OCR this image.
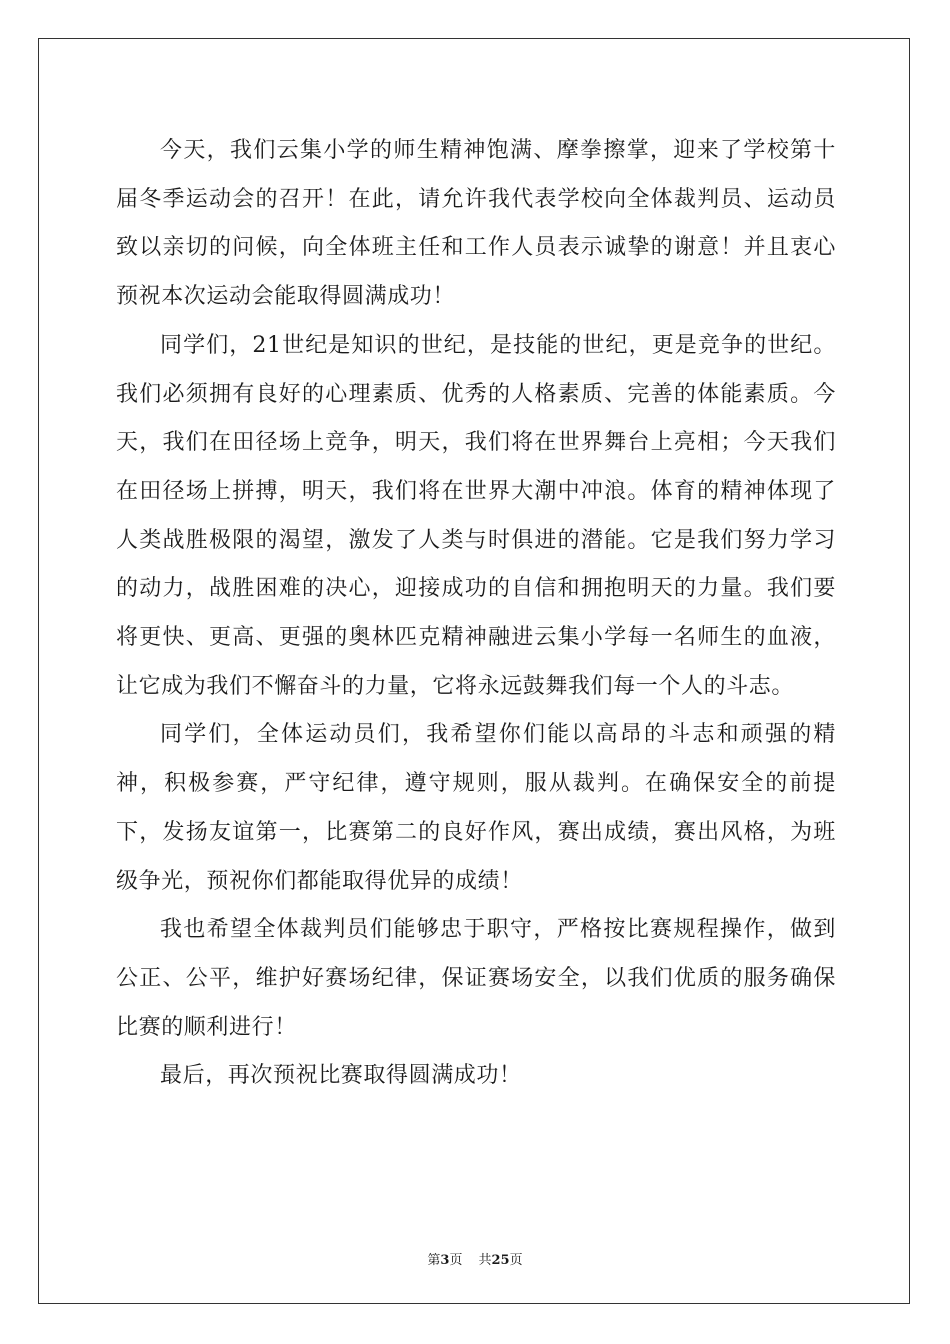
今天，我们云集小学的师生精神饱满、摩拳擦掌，迎来了学校第十届冬季运动会的召开！在此，请允许我代表学校向全体裁判员、运动员致以亲切的问候，向全体班主任和工作人员表示诚挚的谢意！并且衷心预祝本次运动会能取得圆满成功！

同学们，21世纪是知识的世纪，是技能的世纪，更是竞争的世纪。我们必须拥有良好的心理素质、优秀的人格素质、完善的体能素质。今天，我们在田径场上竞争，明天，我们将在世界舞台上亮相；今天我们在田径场上拼搏，明天，我们将在世界大潮中冲浪。体育的精神体现了人类战胜极限的渴望，激发了人类与时俱进的潜能。它是我们努力学习的动力，战胜困难的决心，迎接成功的自信和拥抱明天的力量。我们要将更快、更高、更强的奥林匹克精神融进云集小学每一名师生的血液，让它成为我们不懈奋斗的力量，它将永远鼓舞我们每一个人的斗志。

同学们，全体运动员们，我希望你们能以高昂的斗志和顽强的精神，积极参赛，严守纪律，遵守规则，服从裁判。在确保安全的前提下，发扬友谊第一，比赛第二的良好作风，赛出成绩，赛出风格，为班级争光，预祝你们都能取得优异的成绩！

我也希望全体裁判员们能够忠于职守，严格按比赛规程操作，做到公正、公平，维护好赛场纪律，保证赛场安全，以我们优质的服务确保比赛的顺利进行！

最后，再次预祝比赛取得圆满成功！

第3页 共25页
